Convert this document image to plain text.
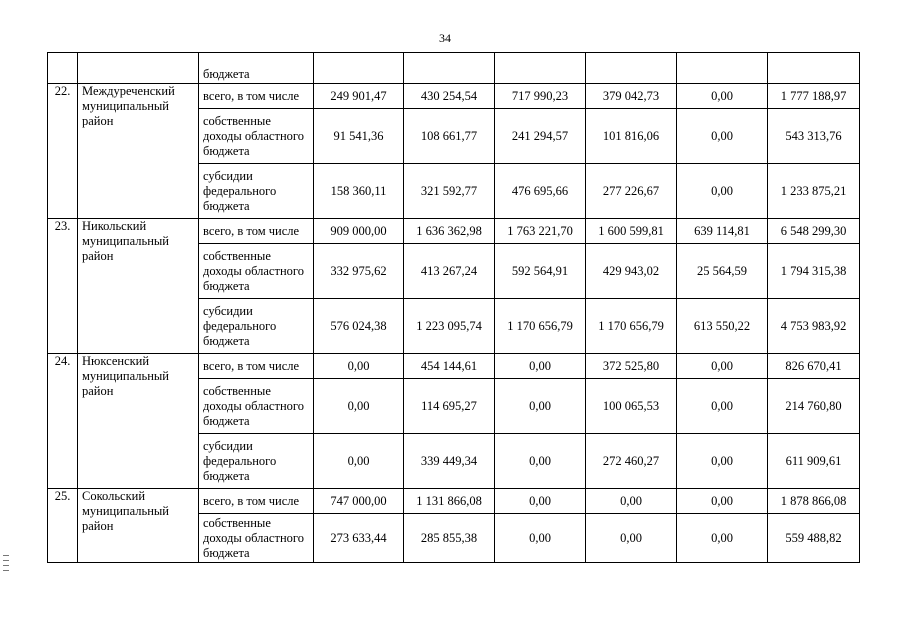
34
		бюджета						
22.	Междуреченский муниципальный район	всего, в том числе	249 901,47	430 254,54	717 990,23	379 042,73	0,00	1 777 188,97
		собственные доходы областного бюджета	91 541,36	108 661,77	241 294,57	101 816,06	0,00	543 313,76
		субсидии федерального бюджета	158 360,11	321 592,77	476 695,66	277 226,67	0,00	1 233 875,21
23.	Никольский муниципальный район	всего, в том числе	909 000,00	1 636 362,98	1 763 221,70	1 600 599,81	639 114,81	6 548 299,30
		собственные доходы областного бюджета	332 975,62	413 267,24	592 564,91	429 943,02	25 564,59	1 794 315,38
		субсидии федерального бюджета	576 024,38	1 223 095,74	1 170 656,79	1 170 656,79	613 550,22	4 753 983,92
24.	Нюксенский муниципальный район	всего, в том числе	0,00	454 144,61	0,00	372 525,80	0,00	826 670,41
		собственные доходы областного бюджета	0,00	114 695,27	0,00	100 065,53	0,00	214 760,80
		субсидии федерального бюджета	0,00	339 449,34	0,00	272 460,27	0,00	611 909,61
25.	Сокольский муниципальный район	всего, в том числе	747 000,00	1 131 866,08	0,00	0,00	0,00	1 878 866,08
		собственные доходы областного бюджета	273 633,44	285 855,38	0,00	0,00	0,00	559 488,82
